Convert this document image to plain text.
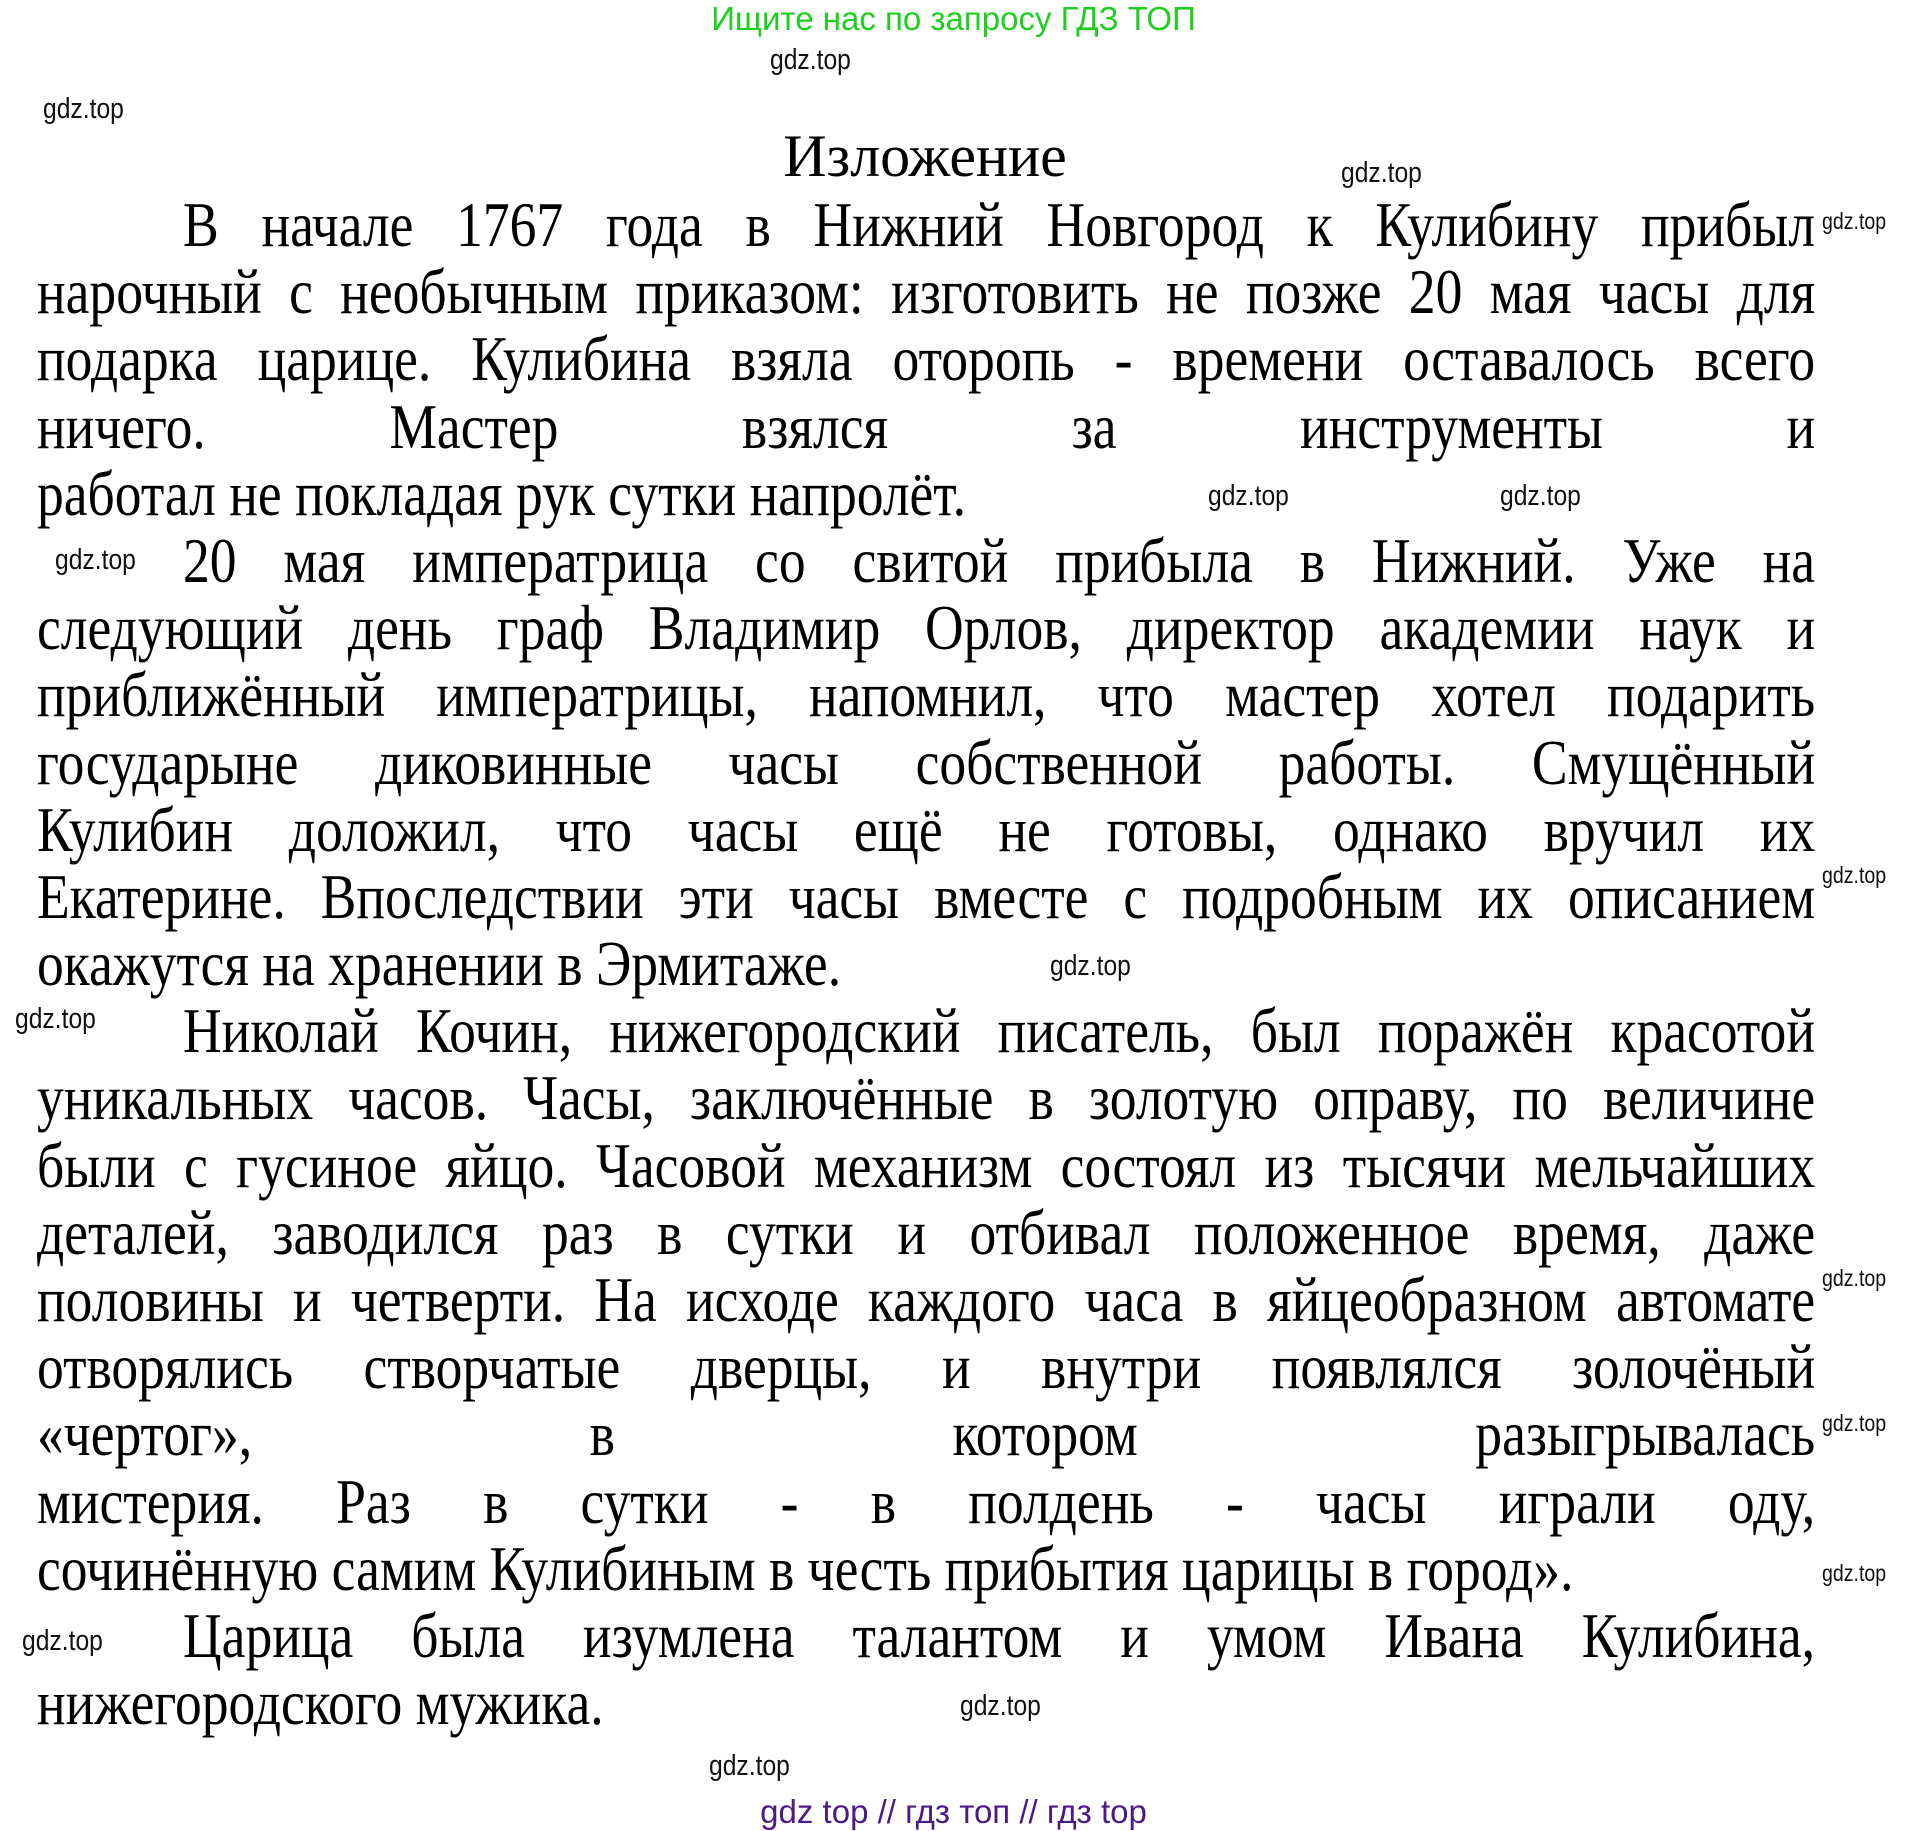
Ищите нас по запросу ГДЗ ТОП
Изложение
В начале 1767 года в Нижний Новгород к Кулибину прибыл
нарочный с необычным приказом: изготовить не позже 20 мая часы для
подарка царице. Кулибина взяла оторопь - времени оставалось всего
ничего. Мастер взялся за инструменты и
работал не покладая рук сутки напролёт.
20 мая императрица со свитой прибыла в Нижний. Уже на
следующий день граф Владимир Орлов, директор академии наук и
приближённый императрицы, напомнил, что мастер хотел подарить
государыне диковинные часы собственной работы. Смущённый
Кулибин доложил, что часы ещё не готовы, однако вручил их
Екатерине. Впоследствии эти часы вместе с подробным их описанием
окажутся на хранении в Эрмитаже.
Николай Кочин, нижегородский писатель, был поражён красотой
уникальных часов. Часы, заключённые в золотую оправу, по величине
были с гусиное яйцо. Часовой механизм состоял из тысячи мельчайших
деталей, заводился раз в сутки и отбивал положенное время, даже
половины и четверти. На исходе каждого часа в яйцеобразном автомате
отворялись створчатые дверцы, и внутри появлялся золочёный
«чертог», в котором разыгрывалась
мистерия. Раз в сутки - в полдень - часы играли оду,
сочинённую самим Кулибиным в честь прибытия царицы в город».
Царица была изумлена талантом и умом Ивана Кулибина,
нижегородского мужика.
gdz.top
gdz.top
gdz.top
gdz.top
gdz.top
gdz.top
gdz.top
gdz.top
gdz.top
gdz.top
gdz.top
gdz.top
gdz.top
gdz.top
gdz.top
gdz.top
gdz top // гдз топ // гдз top
